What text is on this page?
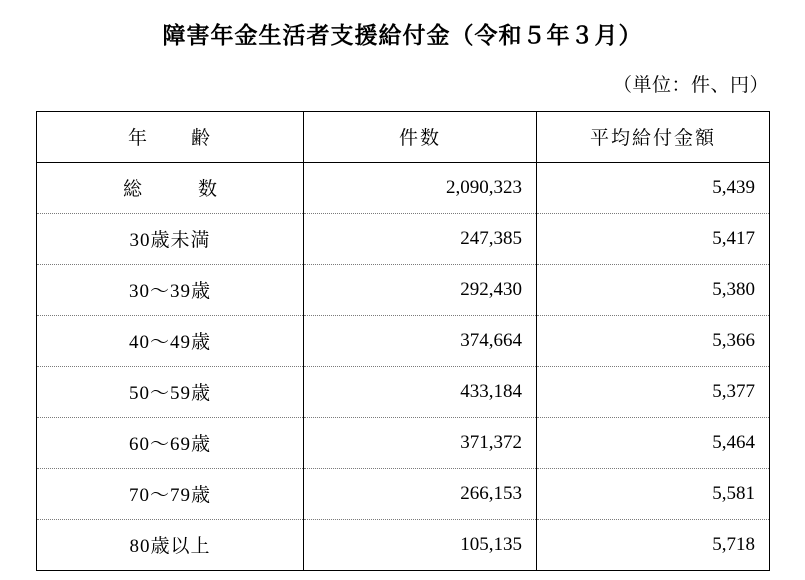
障害年金生活者支援給付金（令和５年３月）
（単位：件、円）
年　　齢	件数	平均給付金額
総　　数	2,090,323	5,439
30歳未満	247,385	5,417
30〜39歳	292,430	5,380
40〜49歳	374,664	5,366
50〜59歳	433,184	5,377
60〜69歳	371,372	5,464
70〜79歳	266,153	5,581
80歳以上	105,135	5,718
